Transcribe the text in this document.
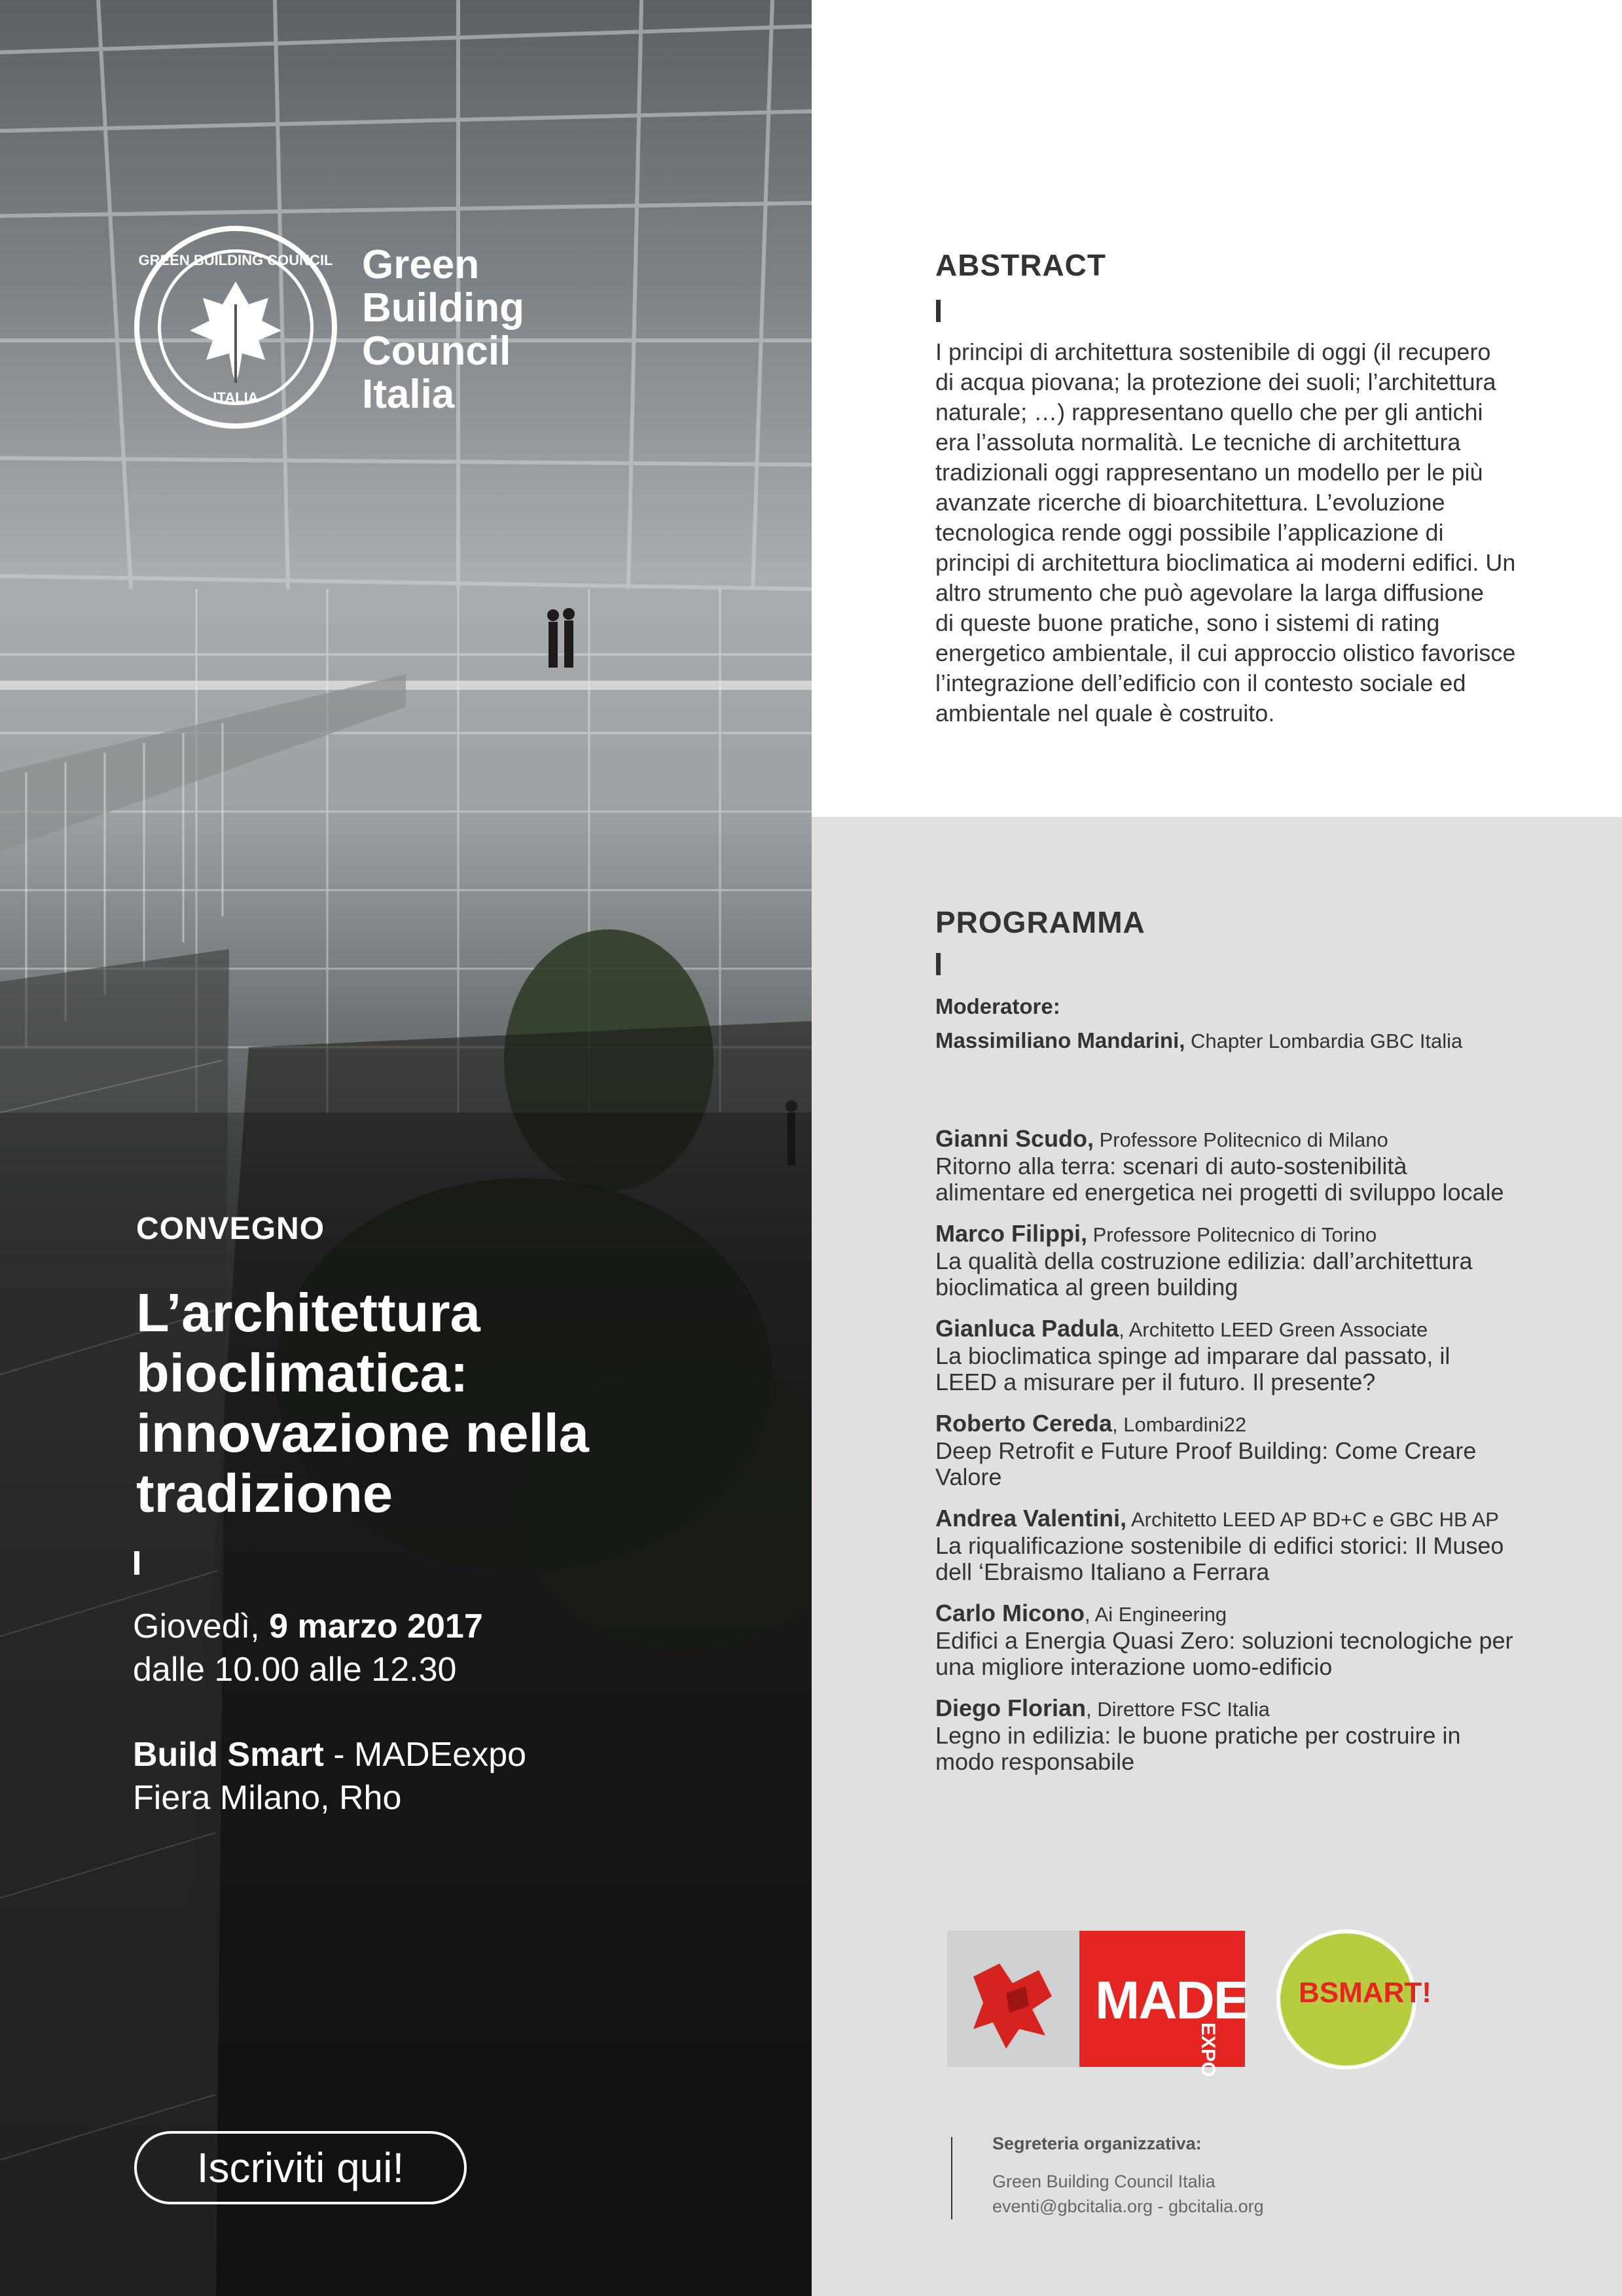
GREEN BUILDING COUNCIL
ITALIA
Green
Building
Council
Italia
CONVEGNO
L’architettura
bioclimatica:
innovazione nella
tradizione
Giovedì, 9 marzo 2017
dalle 10.00 alle 12.30
Build Smart - MADEexpo
Fiera Milano, Rho
Iscriviti qui!
ABSTRACT
I principi di architettura sostenibile di oggi (il recupero
di acqua piovana; la protezione dei suoli; l’architettura
naturale; …) rappresentano quello che per gli antichi
era l’assoluta normalità. Le tecniche di architettura
tradizionali oggi rappresentano un modello per le più
avanzate ricerche di bioarchitettura. L’evoluzione
tecnologica rende oggi possibile l’applicazione di
principi di architettura bioclimatica ai moderni edifici. Un
altro strumento che può agevolare la larga diffusione
di queste buone pratiche, sono i sistemi di rating
energetico ambientale, il cui approccio olistico favorisce
l’integrazione dell’edificio con il contesto sociale ed
ambientale nel quale è costruito.
PROGRAMMA
Moderatore:
Massimiliano Mandarini, Chapter Lombardia GBC Italia
Gianni Scudo, Professore Politecnico di Milano
Ritorno alla terra: scenari di auto-sostenibilità
alimentare ed energetica nei progetti di sviluppo locale
Marco Filippi, Professore Politecnico di Torino
La qualità della costruzione edilizia: dall’architettura
bioclimatica al green building
Gianluca Padula, Architetto LEED Green Associate
La bioclimatica spinge ad imparare dal passato, il
LEED a misurare per il futuro. Il presente?
Roberto Cereda, Lombardini22
Deep Retrofit e Future Proof Building: Come Creare
Valore
Andrea Valentini, Architetto LEED AP BD+C e GBC HB AP
La riqualificazione sostenibile di edifici storici: Il Museo
dell ‘Ebraismo Italiano a Ferrara
Carlo Micono, Ai Engineering
Edifici a Energia Quasi Zero: soluzioni tecnologiche per
una migliore interazione uomo-edificio
Diego Florian, Direttore FSC Italia
Legno in edilizia: le buone pratiche per costruire in
modo responsabile
MADE
EXPO
BSMART!
Segreteria organizzativa:
Green Building Council Italia
eventi@gbcitalia.org - gbcitalia.org
